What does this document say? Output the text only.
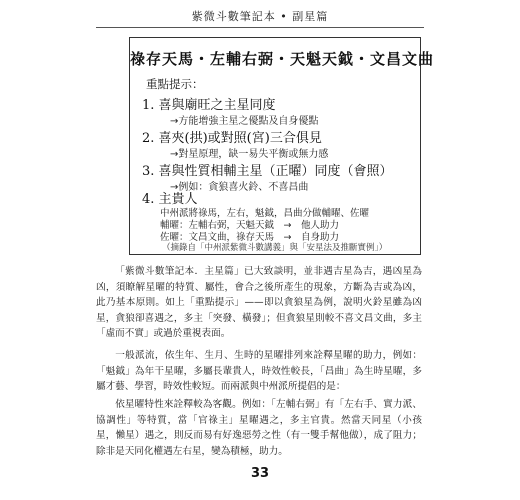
紫微斗數筆記本 • 副星篇
祿存天馬・左輔右弼・天魁天鉞・文昌文曲
重點提示：
1. 喜與廟旺之主星同度
→方能增強主星之優點及自身優點
2. 喜夾(拱)或對照(宮)三合俱見
→對星原理，缺一易失平衡或無力感
3. 喜與性質相輔主星（正曜）同度（會照）
→例如：貪狼喜火鈴、不喜昌曲
4. 主貴人
中州派將祿馬，左右，魁鉞，昌曲分做輔曜、佐曜
輔曜：左輔右弼，天魁天鉞　→　他人助力
佐曜：文昌文曲，祿存天馬　→　自身助力
（摘錄自「中州派紫微斗數講義」與「安星法及推斷實例」）

「紫微斗數筆記本．主星篇」已大致談明，並非遇吉星為吉，遇凶星為凶，須瞭解星曜的特質、屬性，會合之後所產生的現象，方斷為吉或為凶，此乃基本原則。如上「重點提示」——即以貪狼星為例，說明火鈴星雖為凶星，貪狼卻喜遇之，多主「突發、橫發」；但貪狼星則較不喜文昌文曲，多主「虛而不實」或過於重視表面。

一般派流，依生年、生月、生時的星曜排列來詮釋星曜的助力，例如：「魁鉞」為年干星曜，多屬長輩貴人，時效性較長，「昌曲」為生時星曜，多屬才藝、學習，時效性較短。而兩派與中州派所提倡的是：

依星曜特性來詮釋較為客觀。例如：「左輔右弼」有「左右手、實力派、協調性」等特質，當「官祿主」星曜遇之，多主官貴。然當天同星（小孩星，懶星）遇之，則反而易有好逸惡勞之性（有一雙手幫他做），成了阻力；除非是天同化權遇左右星，變為積極，助力。

33
